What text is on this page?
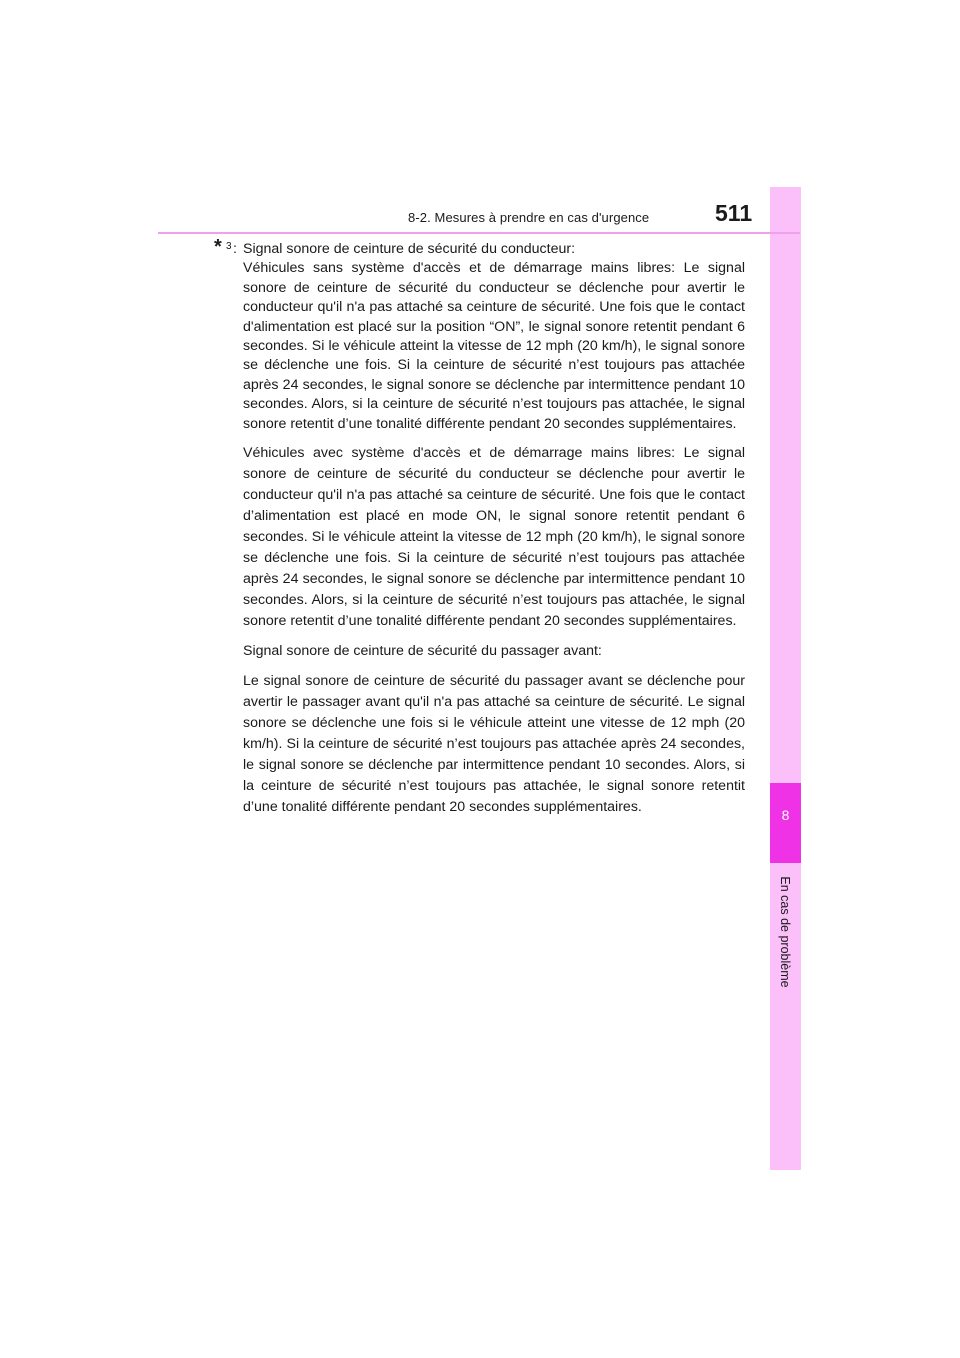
8
En cas de problème
8-2. Mesures à prendre en cas d'urgence	511
* 3 : Signal sonore de ceinture de sécurité du conducteur:
Véhicules sans système d'accès et de démarrage mains libres: Le signal sonore de ceinture de sécurité du conducteur se déclenche pour avertir le conducteur qu'il n'a pas attaché sa ceinture de sécurité. Une fois que le contact d'alimentation est placé sur la position “ON”, le signal sonore retentit pendant 6 secondes. Si le véhicule atteint la vitesse de 12 mph (20 km/h), le signal sonore se déclenche une fois. Si la ceinture de sécurité n’est toujours pas attachée après 24 secondes, le signal sonore se déclenche par intermittence pendant 10 secondes. Alors, si la ceinture de sécurité n’est toujours pas attachée, le signal sonore retentit d’une tonalité différente pendant 20 secondes supplémentaires.
Véhicules avec système d'accès et de démarrage mains libres: Le signal sonore de ceinture de sécurité du conducteur se déclenche pour avertir le conducteur qu'il n'a pas attaché sa ceinture de sécurité. Une fois que le contact d’alimentation est placé en mode ON, le signal sonore retentit pendant 6 secondes. Si le véhicule atteint la vitesse de 12 mph (20 km/h), le signal sonore se déclenche une fois. Si la ceinture de sécurité n’est toujours pas attachée après 24 secondes, le signal sonore se déclenche par intermittence pendant 10 secondes. Alors, si la ceinture de sécurité n’est toujours pas attachée, le signal sonore retentit d’une tonalité différente pendant 20 secondes supplémentaires.
Signal sonore de ceinture de sécurité du passager avant:
Le signal sonore de ceinture de sécurité du passager avant se déclenche pour avertir le passager avant qu'il n'a pas attaché sa ceinture de sécurité. Le signal sonore se déclenche une fois si le véhicule atteint une vitesse de 12 mph (20 km/h). Si la ceinture de sécurité n’est toujours pas attachée après 24 secondes, le signal sonore se déclenche par intermittence pendant 10 secondes. Alors, si la ceinture de sécurité n’est toujours pas attachée, le signal sonore retentit d’une tonalité différente pendant 20 secondes supplémentaires.
